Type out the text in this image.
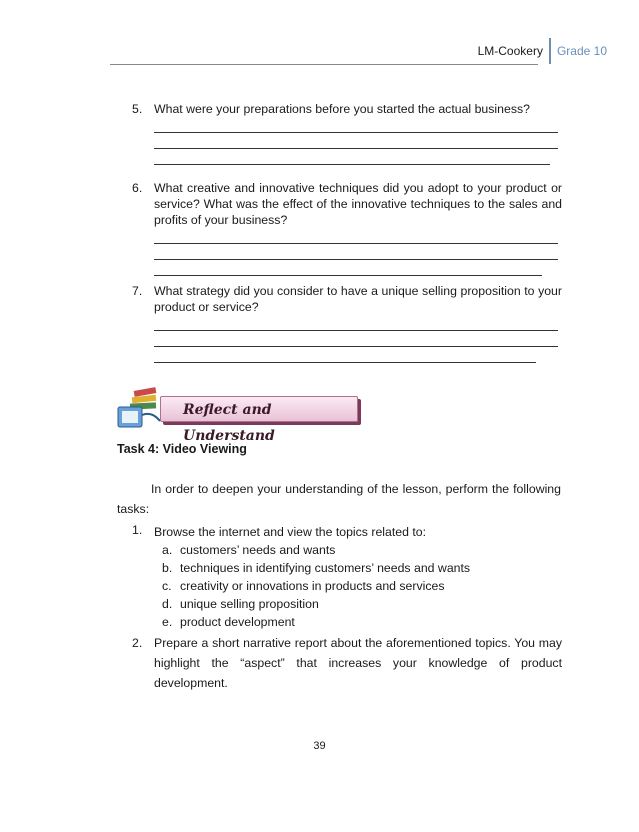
LM-Cookery	Grade 10
5. What were your preparations before you started the actual business?
6. What creative and innovative techniques did you adopt to your product or service? What was the effect of the innovative techniques to the sales and profits of your business?
7. What strategy did you consider to have a unique selling proposition to your product or service?
Reflect and Understand
Task 4: Video Viewing
In order to deepen your understanding of the lesson, perform the following tasks:
1. Browse the internet and view the topics related to:
a. customers’ needs and wants
b. techniques in identifying customers’ needs and wants
c. creativity or innovations in products and services
d. unique selling proposition
e. product development
2. Prepare a short narrative report about the aforementioned topics. You may highlight the “aspect” that increases your knowledge of product development.
39
